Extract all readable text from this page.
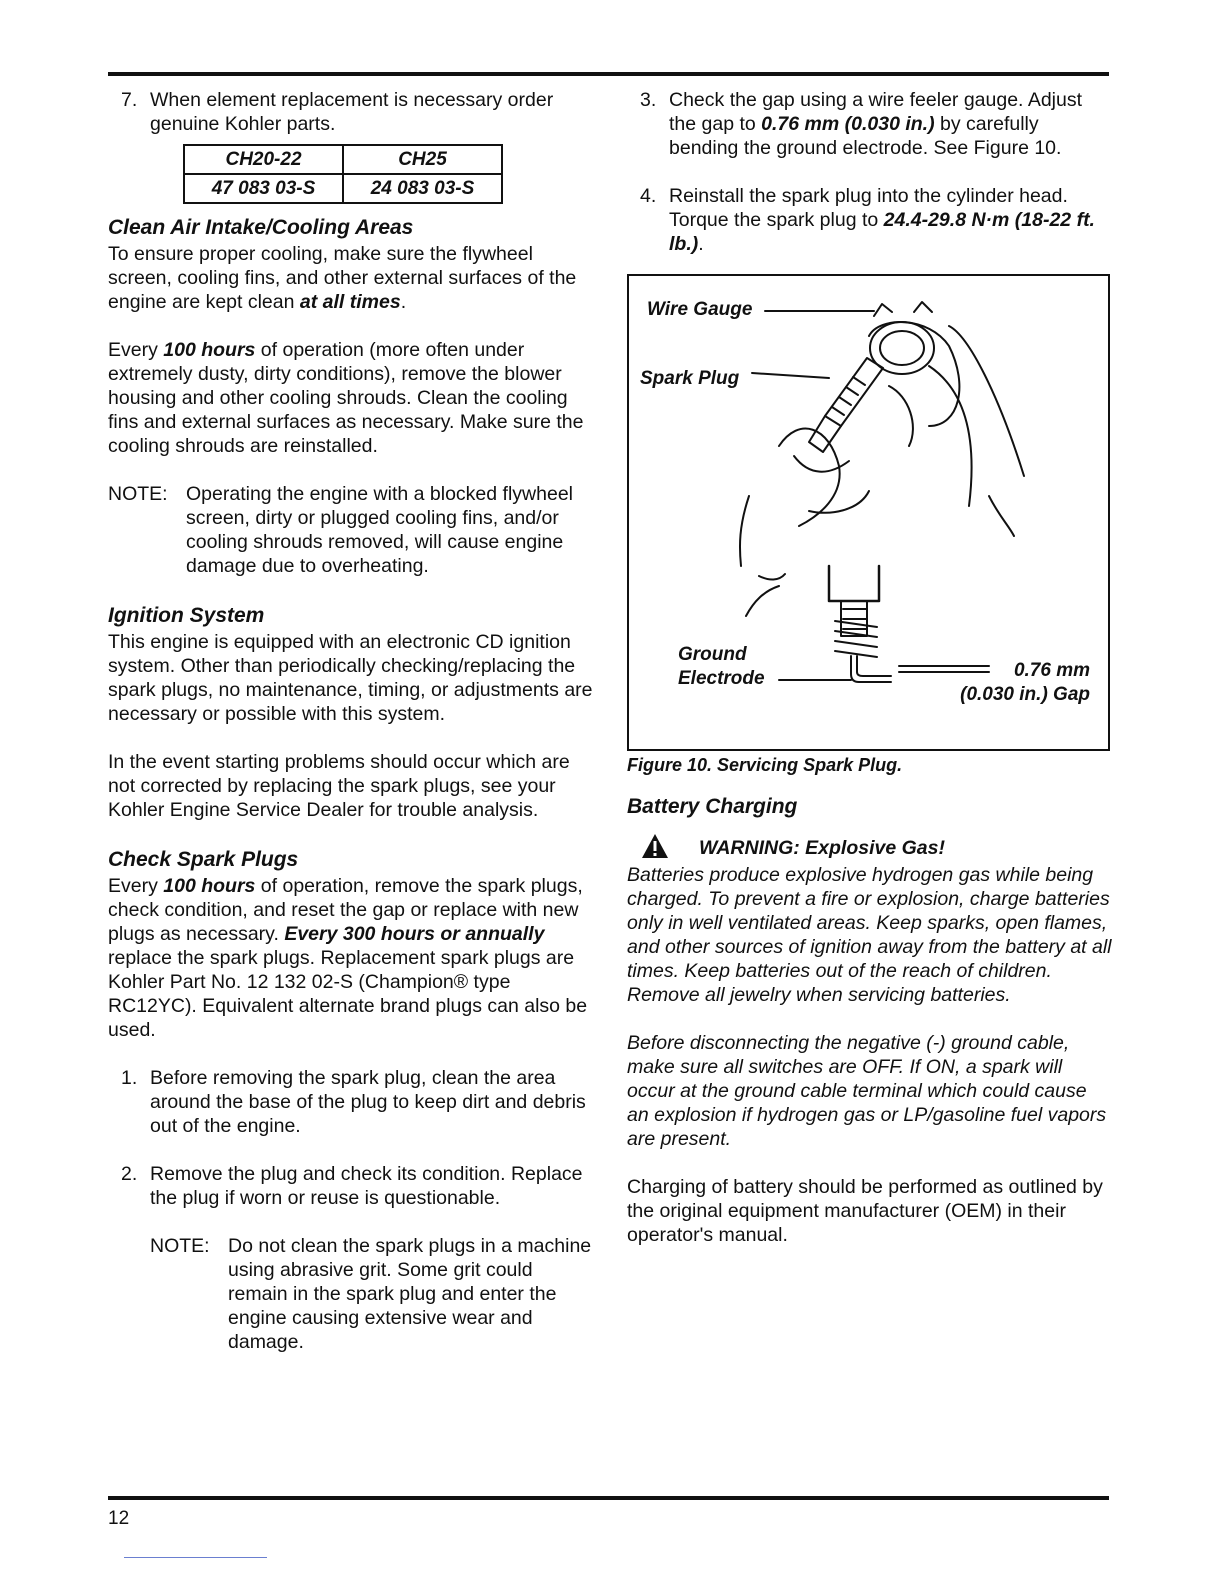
7. When element replacement is necessary order genuine Kohler parts.

CH20-22	CH25
47 083 03-S	24 083 03-S
Clean Air Intake/Cooling Areas

To ensure proper cooling, make sure the flywheel screen, cooling fins, and other external surfaces of the engine are kept clean at all times.

Every 100 hours of operation (more often under extremely dusty, dirty conditions), remove the blower housing and other cooling shrouds. Clean the cooling fins and external surfaces as necessary. Make sure the cooling shrouds are reinstalled.

NOTE: Operating the engine with a blocked flywheel screen, dirty or plugged cooling fins, and/or cooling shrouds removed, will cause engine damage due to overheating.

Ignition System

This engine is equipped with an electronic CD ignition system. Other than periodically checking/replacing the spark plugs, no maintenance, timing, or adjustments are necessary or possible with this system.

In the event starting problems should occur which are not corrected by replacing the spark plugs, see your Kohler Engine Service Dealer for trouble analysis.

Check Spark Plugs

Every 100 hours of operation, remove the spark plugs, check condition, and reset the gap or replace with new plugs as necessary. Every 300 hours or annually replace the spark plugs. Replacement spark plugs are Kohler Part No. 12 132 02-S (Champion® type RC12YC). Equivalent alternate brand plugs can also be used.

1. Before removing the spark plug, clean the area around the base of the plug to keep dirt and debris out of the engine.

2. Remove the plug and check its condition. Replace the plug if worn or reuse is questionable.

NOTE: Do not clean the spark plugs in a machine using abrasive grit. Some grit could remain in the spark plug and enter the engine causing extensive wear and damage.

3. Check the gap using a wire feeler gauge. Adjust the gap to 0.76 mm (0.030 in.) by carefully bending the ground electrode. See Figure 10.

4. Reinstall the spark plug into the cylinder head. Torque the spark plug to 24.4-29.8 N·m (18-22 ft. lb.).

Wire Gauge
Spark Plug
Ground
Electrode	0.76 mm
(0.030 in.) Gap
Figure 10. Servicing Spark Plug.
Battery Charging
WARNING: Explosive Gas!

Batteries produce explosive hydrogen gas while being charged. To prevent a fire or explosion, charge batteries only in well ventilated areas. Keep sparks, open flames, and other sources of ignition away from the battery at all times. Keep batteries out of the reach of children. Remove all jewelry when servicing batteries.

Before disconnecting the negative (-) ground cable, make sure all switches are OFF. If ON, a spark will occur at the ground cable terminal which could cause an explosion if hydrogen gas or LP/gasoline fuel vapors are present.

Charging of battery should be performed as outlined by the original equipment manufacturer (OEM) in their operator's manual.

12
